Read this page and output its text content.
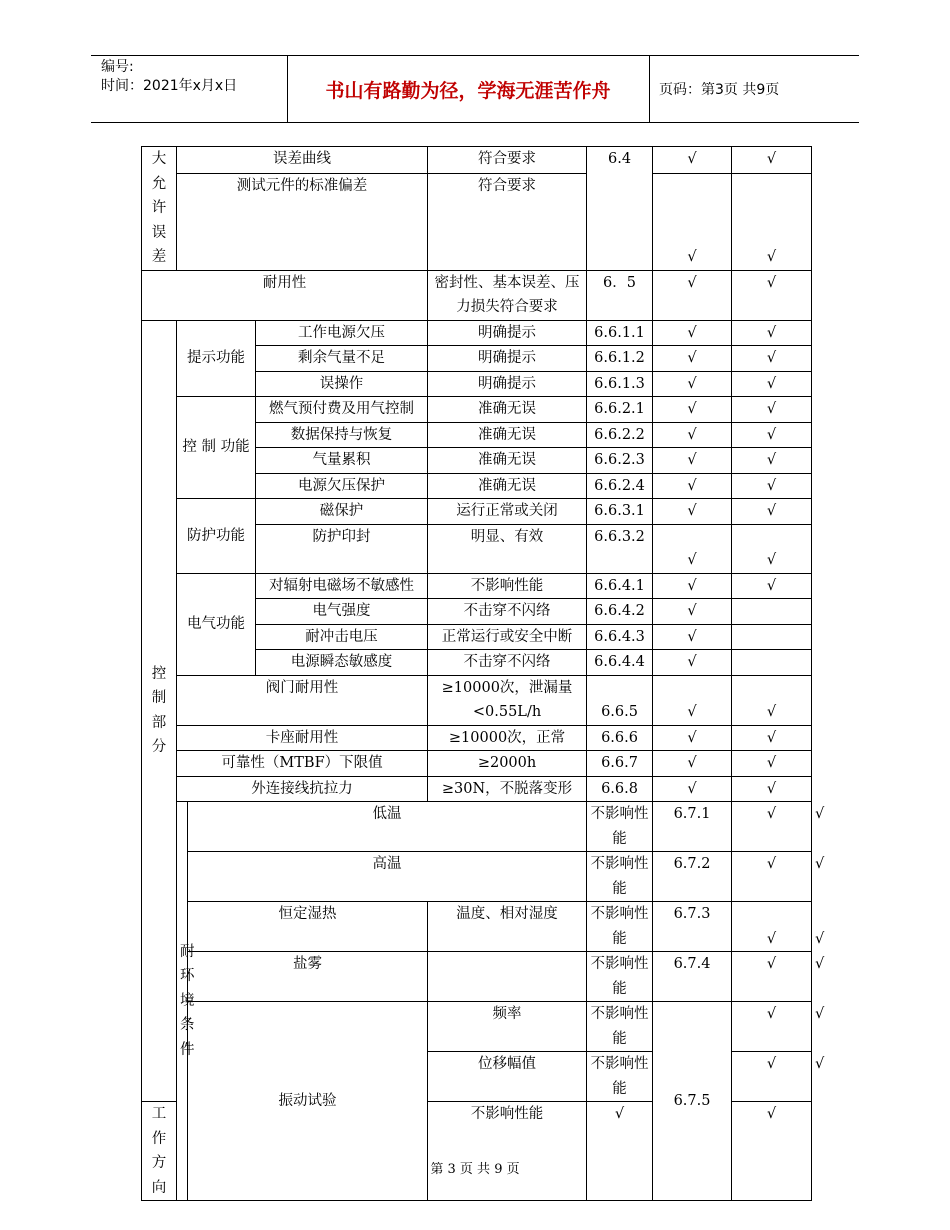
编号:
时间：2021年x月x日	书山有路勤为径，学海无涯苦作舟	页码：第3页 共9页
大允许误差	误差曲线			符合要求	6.4	√	√	
	测试元件的标准偏差			符合要求		√	√	
耐用性				密封性、基本误差、压力损失符合要求	6．5	√	√	
控制部分	提示功能		工作电源欠压	明确提示	6.6.1.1	√	√	
			剩余气量不足	明确提示	6.6.1.2	√	√	
			误操作	明确提示	6.6.1.3	√	√	
	控 制 功能		燃气预付费及用气控制	准确无误	6.6.2.1	√	√	
			数据保持与恢复	准确无误	6.6.2.2	√	√	
			气量累积	准确无误	6.6.2.3	√	√	
			电源欠压保护	准确无误	6.6.2.4	√	√	
	防护功能		磁保护	运行正常或关闭	6.6.3.1	√	√	
			防护印封	明显、有效	6.6.3.2	√	√	
	电气功能		对辐射电磁场不敏感性	不影响性能	6.6.4.1	√	√	
			电气强度	不击穿不闪络	6.6.4.2	√		
			耐冲击电压	正常运行或安全中断	6.6.4.3	√		
			电源瞬态敏感度	不击穿不闪络	6.6.4.4	√		
	阀门耐用性			≥10000次，泄漏量<0.55L/h	6.6.5	√	√	
	卡座耐用性			≥10000次，正常	6.6.6	√	√	
	可靠性（MTBF）下限值			≥2000h	6.6.7	√	√	
	外连接线抗拉力			≥30N，不脱落变形	6.6.8	√	√	
	耐环境条件	低温			不影响性能	6.7.1	√	√
		高温			不影响性能	6.7.2	√	√
		恒定湿热		温度、相对湿度	不影响性能	6.7.3	√	√
		盐雾			不影响性能	6.7.4	√	√
		振动试验		频率	不影响性能	6.7.5	√	√
				位移幅值	不影响性能		√	√
工作方向				不影响性能	√		√	
第 3 页 共 9 页
